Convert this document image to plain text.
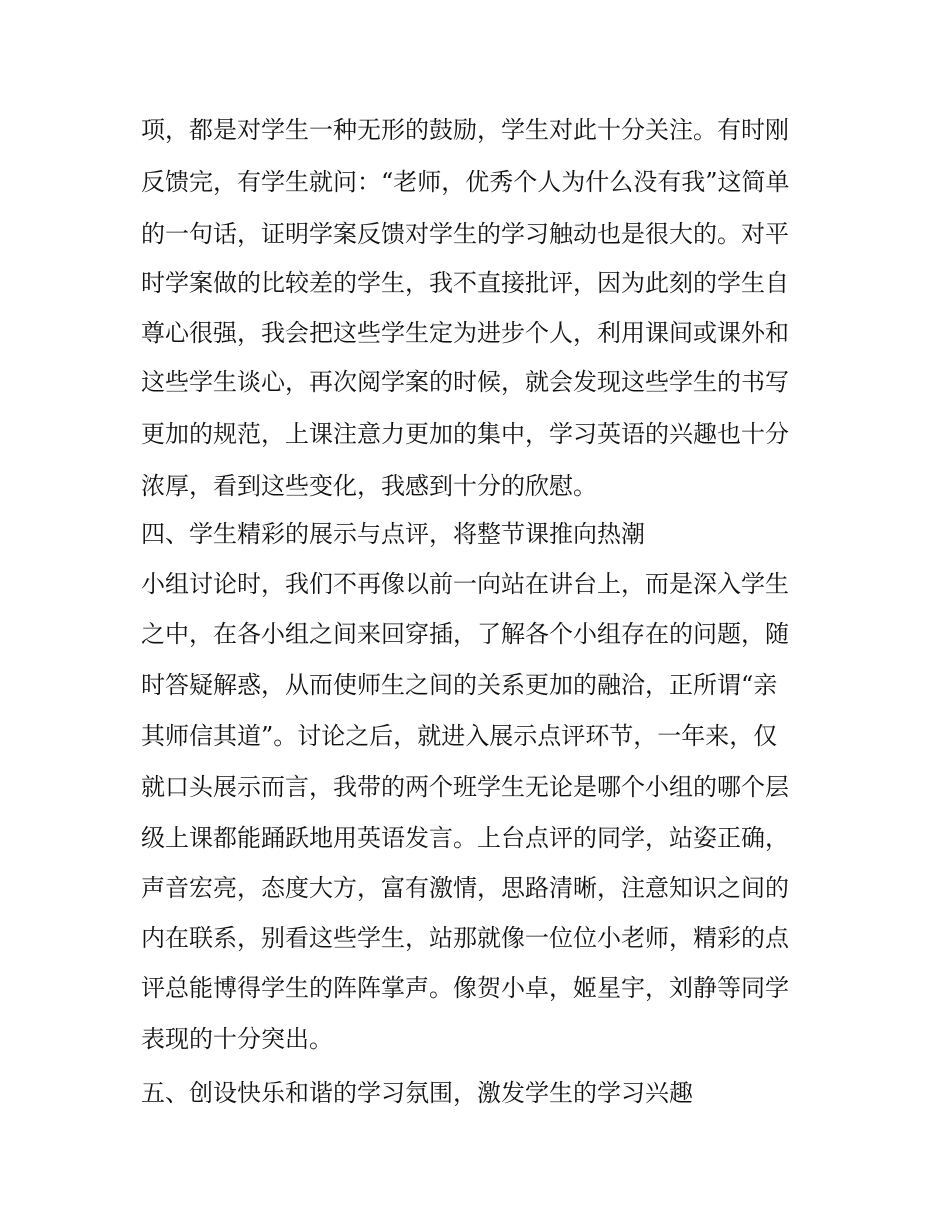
项，都是对学生一种无形的鼓励，学生对此十分关注。有时刚
反馈完，有学生就问：“老师，优秀个人为什么没有我”这简单
的一句话，证明学案反馈对学生的学习触动也是很大的。对平
时学案做的比较差的学生，我不直接批评，因为此刻的学生自
尊心很强，我会把这些学生定为进步个人，利用课间或课外和
这些学生谈心，再次阅学案的时候，就会发现这些学生的书写
更加的规范，上课注意力更加的集中，学习英语的兴趣也十分
浓厚，看到这些变化，我感到十分的欣慰。
四、学生精彩的展示与点评，将整节课推向热潮
小组讨论时，我们不再像以前一向站在讲台上，而是深入学生
之中，在各小组之间来回穿插，了解各个小组存在的问题，随
时答疑解惑，从而使师生之间的关系更加的融洽，正所谓“亲
其师信其道”。讨论之后，就进入展示点评环节，一年来，仅
就口头展示而言，我带的两个班学生无论是哪个小组的哪个层
级上课都能踊跃地用英语发言。上台点评的同学，站姿正确，
声音宏亮，态度大方，富有激情，思路清晰，注意知识之间的
内在联系，别看这些学生，站那就像一位位小老师，精彩的点
评总能博得学生的阵阵掌声。像贺小卓，姬星宇，刘静等同学
表现的十分突出。
五、创设快乐和谐的学习氛围，激发学生的学习兴趣
